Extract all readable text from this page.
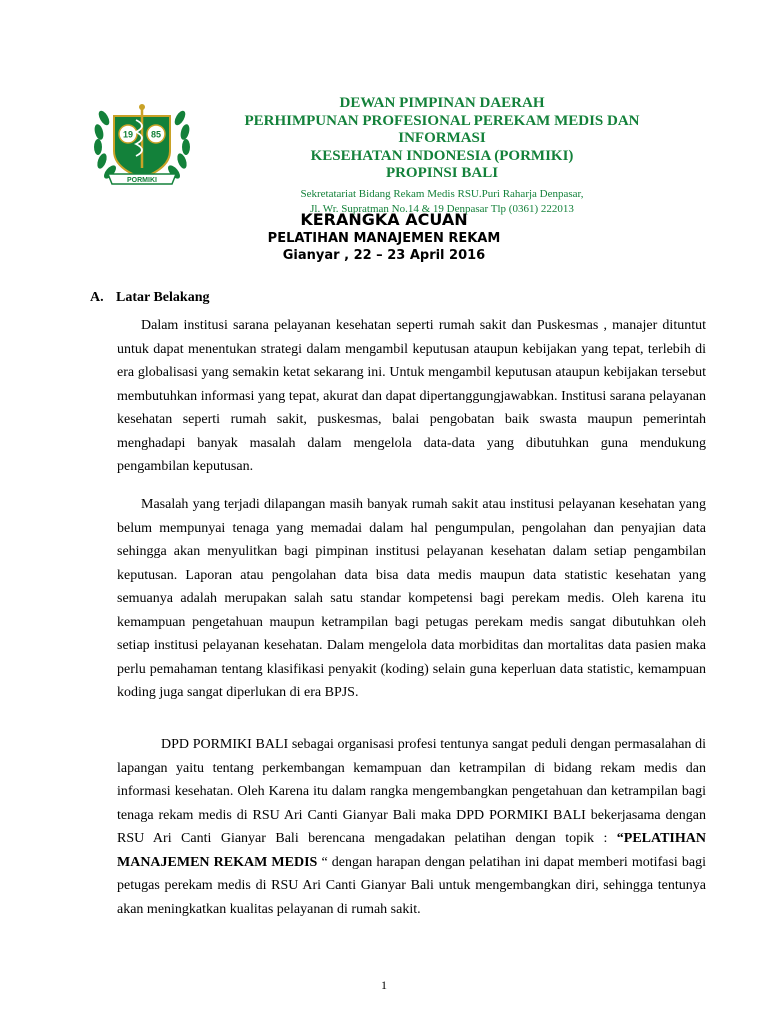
19 85
PORMIKI
DEWAN PIMPINAN DAERAH
PERHIMPUNAN PROFESIONAL PEREKAM MEDIS DAN INFORMASI
KESEHATAN INDONESIA (PORMIKI)
PROPINSI BALI
Sekretatariat Bidang Rekam Medis RSU.Puri Raharja Denpasar,
Jl. Wr. Supratman No.14 & 19 Denpasar Tlp (0361) 222013
KERANGKA ACUAN
PELATIHAN MANAJEMEN REKAM
Gianyar , 22 – 23 April 2016
A. Latar Belakang
Dalam institusi sarana pelayanan kesehatan seperti rumah sakit dan Puskesmas , manajer dituntut untuk dapat menentukan strategi dalam mengambil keputusan ataupun kebijakan yang tepat, terlebih di era globalisasi yang semakin ketat sekarang ini. Untuk mengambil keputusan ataupun kebijakan tersebut membutuhkan informasi yang tepat, akurat dan dapat dipertanggungjawabkan. Institusi sarana pelayanan kesehatan seperti rumah sakit, puskesmas, balai pengobatan baik swasta maupun pemerintah menghadapi banyak masalah dalam mengelola data-data yang dibutuhkan guna mendukung pengambilan keputusan.
Masalah yang terjadi dilapangan masih banyak rumah sakit atau institusi pelayanan kesehatan yang belum mempunyai tenaga yang memadai dalam hal pengumpulan, pengolahan dan penyajian data sehingga akan menyulitkan bagi pimpinan institusi pelayanan kesehatan dalam setiap pengambilan keputusan. Laporan atau pengolahan data bisa data medis maupun data statistic kesehatan yang semuanya adalah merupakan salah satu standar kompetensi bagi perekam medis. Oleh karena itu kemampuan pengetahuan maupun ketrampilan bagi petugas perekam medis sangat dibutuhkan oleh setiap institusi pelayanan kesehatan. Dalam mengelola data morbiditas dan mortalitas data pasien maka perlu pemahaman tentang klasifikasi penyakit (koding) selain guna keperluan data statistic, kemampuan koding juga sangat diperlukan di era BPJS.
DPD PORMIKI BALI sebagai organisasi profesi tentunya sangat peduli dengan permasalahan di lapangan yaitu tentang perkembangan kemampuan dan ketrampilan di bidang rekam medis dan informasi kesehatan. Oleh Karena itu dalam rangka mengembangkan pengetahuan dan ketrampilan bagi tenaga rekam medis di RSU Ari Canti Gianyar Bali maka DPD PORMIKI BALI bekerjasama dengan RSU Ari Canti Gianyar Bali berencana mengadakan pelatihan dengan topik : “PELATIHAN MANAJEMEN REKAM MEDIS “ dengan harapan dengan pelatihan ini dapat memberi motifasi bagi petugas perekam medis di RSU Ari Canti Gianyar Bali untuk mengembangkan diri, sehingga tentunya akan meningkatkan kualitas pelayanan di rumah sakit.
1
